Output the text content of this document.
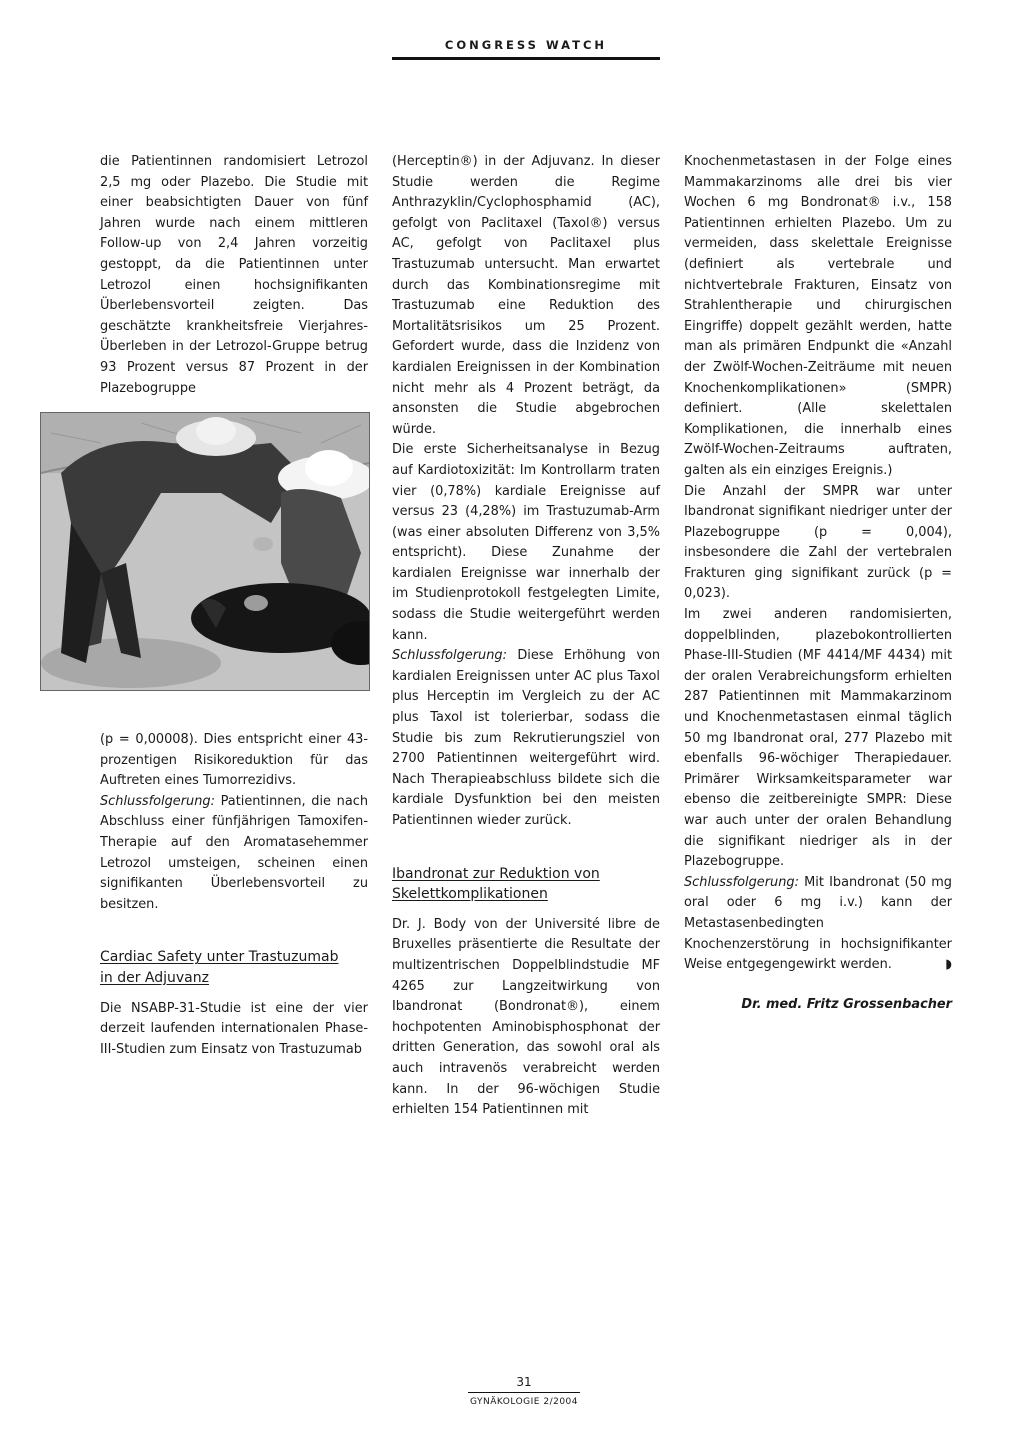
CONGRESS WATCH

die Patientinnen randomisiert Letrozol 2,5 mg oder Plazebo. Die Studie mit einer beabsichtigten Dauer von fünf Jahren wurde nach einem mittleren Follow-up von 2,4 Jahren vorzeitig gestoppt, da die Patientinnen unter Letrozol einen hochsignifikanten Überlebensvorteil zeigten. Das geschätzte krankheitsfreie Vierjahres-Überleben in der Letrozol-Gruppe betrug 93 Prozent versus 87 Prozent in der Plazebogruppe

(p = 0,00008). Dies entspricht einer 43-prozentigen Risikoreduktion für das Auftreten eines Tumorrezidivs.

Schlussfolgerung: Patientinnen, die nach Abschluss einer fünfjährigen Tamoxifen-Therapie auf den Aromatasehemmer Letrozol umsteigen, scheinen einen signifikanten Überlebensvorteil zu besitzen.

Cardiac Safety unter Trastuzumab
in der Adjuvanz

Die NSABP-31-Studie ist eine der vier derzeit laufenden internationalen Phase-III-Studien zum Einsatz von Trastuzumab

(Herceptin®) in der Adjuvanz. In dieser Studie werden die Regime Anthrazyklin/Cyclophosphamid (AC), gefolgt von Paclitaxel (Taxol®) versus AC, gefolgt von Paclitaxel plus Trastuzumab untersucht. Man erwartet durch das Kombinationsregime mit Trastuzumab eine Reduktion des Mortalitätsrisikos um 25 Prozent. Gefordert wurde, dass die Inzidenz von kardialen Ereignissen in der Kombination nicht mehr als 4 Prozent beträgt, da ansonsten die Studie abgebrochen würde.

Die erste Sicherheitsanalyse in Bezug auf Kardiotoxizität: Im Kontrollarm traten vier (0,78%) kardiale Ereignisse auf versus 23 (4,28%) im Trastuzumab-Arm (was einer absoluten Differenz von 3,5% entspricht). Diese Zunahme der kardialen Ereignisse war innerhalb der im Studienprotokoll festgelegten Limite, sodass die Studie weitergeführt werden kann.

Schlussfolgerung: Diese Erhöhung von kardialen Ereignissen unter AC plus Taxol plus Herceptin im Vergleich zu der AC plus Taxol ist tolerierbar, sodass die Studie bis zum Rekrutierungsziel von 2700 Patientinnen weitergeführt wird. Nach Therapieabschluss bildete sich die kardiale Dysfunktion bei den meisten Patientinnen wieder zurück.

Ibandronat zur Reduktion von
Skelettkomplikationen

Dr. J. Body von der Université libre de Bruxelles präsentierte die Resultate der multizentrischen Doppelblindstudie MF 4265 zur Langzeitwirkung von Ibandronat (Bondronat®), einem hochpotenten Aminobisphosphonat der dritten Generation, das sowohl oral als auch intravenös verabreicht werden kann. In der 96-wöchigen Studie erhielten 154 Patientinnen mit

Knochenmetastasen in der Folge eines Mammakarzinoms alle drei bis vier Wochen 6 mg Bondronat® i.v., 158 Patientinnen erhielten Plazebo. Um zu vermeiden, dass skelettale Ereignisse (definiert als vertebrale und nichtvertebrale Frakturen, Einsatz von Strahlentherapie und chirurgischen Eingriffe) doppelt gezählt werden, hatte man als primären Endpunkt die «Anzahl der Zwölf-Wochen-Zeiträume mit neuen Knochenkomplikationen» (SMPR) definiert. (Alle skelettalen Komplikationen, die innerhalb eines Zwölf-Wochen-Zeitraums auftraten, galten als ein einziges Ereignis.)

Die Anzahl der SMPR war unter Ibandronat signifikant niedriger unter der Plazebogruppe (p = 0,004), insbesondere die Zahl der vertebralen Frakturen ging signifikant zurück (p = 0,023).

Im zwei anderen randomisierten, doppelblinden, plazebokontrollierten Phase-III-Studien (MF 4414/MF 4434) mit der oralen Verabreichungsform erhielten 287 Patientinnen mit Mammakarzinom und Knochenmetastasen einmal täglich 50 mg Ibandronat oral, 277 Plazebo mit ebenfalls 96-wöchiger Therapiedauer. Primärer Wirksamkeitsparameter war ebenso die zeitbereinigte SMPR: Diese war auch unter der oralen Behandlung die signifikant niedriger als in der Plazebogruppe.

Schlussfolgerung: Mit Ibandronat (50 mg oral oder 6 mg i.v.) kann der Metastasenbedingten Knochenzerstörung in hochsignifikanter Weise entgegengewirkt werden.	◗

Dr. med. Fritz Grossenbacher

31
GYNÄKOLOGIE 2/2004
